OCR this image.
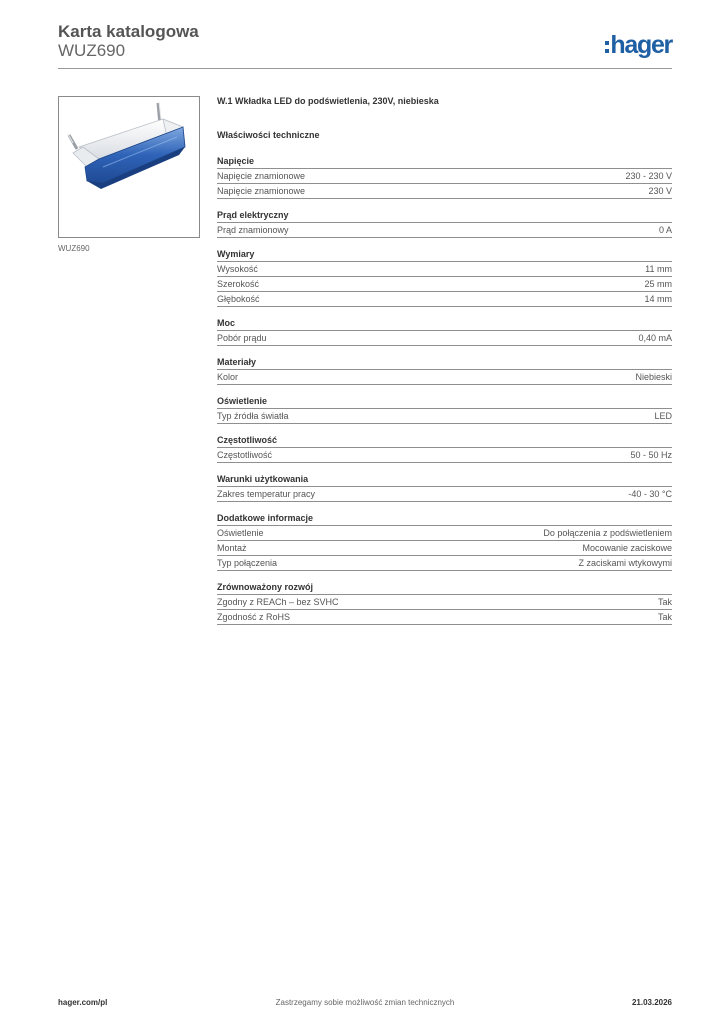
Karta katalogowa
WUZ690	hager
WUZ690
W.1 Wkładka LED do podświetlenia, 230V, niebieska
Właściwości techniczne
Napięcie
Napięcie znamionowe	230 - 230 V
Napięcie znamionowe	230 V
Prąd elektryczny
Prąd znamionowy	0 A
Wymiary
Wysokość	11 mm
Szerokość	25 mm
Głębokość	14 mm
Moc
Pobór prądu	0,40 mA
Materiały
Kolor	Niebieski
Oświetlenie
Typ źródła światła	LED
Częstotliwość
Częstotliwość	50 - 50 Hz
Warunki użytkowania
Zakres temperatur pracy	-40 - 30 °C
Dodatkowe informacje
Oświetlenie	Do połączenia z podświetleniem
Montaż	Mocowanie zaciskowe
Typ połączenia	Z zaciskami wtykowymi
Zrównoważony rozwój
Zgodny z REACh – bez SVHC	Tak
Zgodność z RoHS	Tak
hager.com/pl	Zastrzegamy sobie możliwość zmian technicznych	21.03.2026
